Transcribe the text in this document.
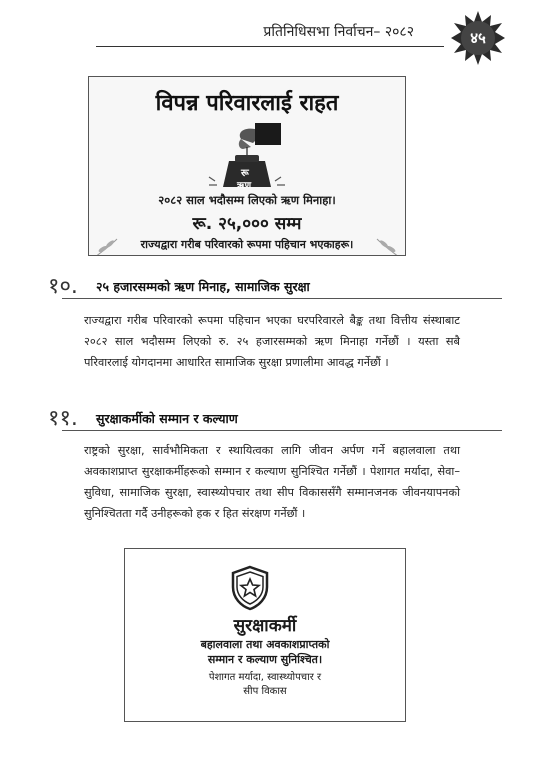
प्रतिनिधिसभा निर्वाचन– २०८२	४५
विपन्न परिवारलाई राहत
रू
ऋण
२०८२ साल भदौसम्म लिएको ऋण मिनाहा।
रू. २५,००० सम्म
राज्यद्वारा गरीब परिवारको रूपमा पहिचान भएकाहरू।
१०. २५ हजारसम्मको ऋण मिनाह, सामाजिक सुरक्षा

राज्यद्वारा गरीब परिवारको रूपमा पहिचान भएका घरपरिवारले बैङ्क तथा वित्तीय संस्थाबाट २०८२ साल भदौसम्म लिएको रु. २५ हजारसम्मको ऋण मिनाहा गर्नेछौं । यस्ता सबै परिवारलाई योगदानमा आधारित सामाजिक सुरक्षा प्रणालीमा आवद्ध गर्नेछौं ।

११. सुरक्षाकर्मीको सम्मान र कल्याण

राष्ट्रको सुरक्षा, सार्वभौमिकता र स्थायित्वका लागि जीवन अर्पण गर्ने बहालवाला तथा अवकाशप्राप्त सुरक्षाकर्मीहरूको सम्मान र कल्याण सुनिश्चित गर्नेछौं । पेशागत मर्यादा, सेवा–सुविधा, सामाजिक सुरक्षा, स्वास्थ्योपचार तथा सीप विकाससँगै सम्मानजनक जीवनयापनको सुनिश्चितता गर्दै उनीहरूको हक र हित संरक्षण गर्नेछौं ।

सुरक्षाकर्मी
बहालवाला तथा अवकाशप्राप्तको
सम्मान र कल्याण सुनिश्चित।
पेशागत मर्यादा, स्वास्थ्योपचार र
सीप विकास
